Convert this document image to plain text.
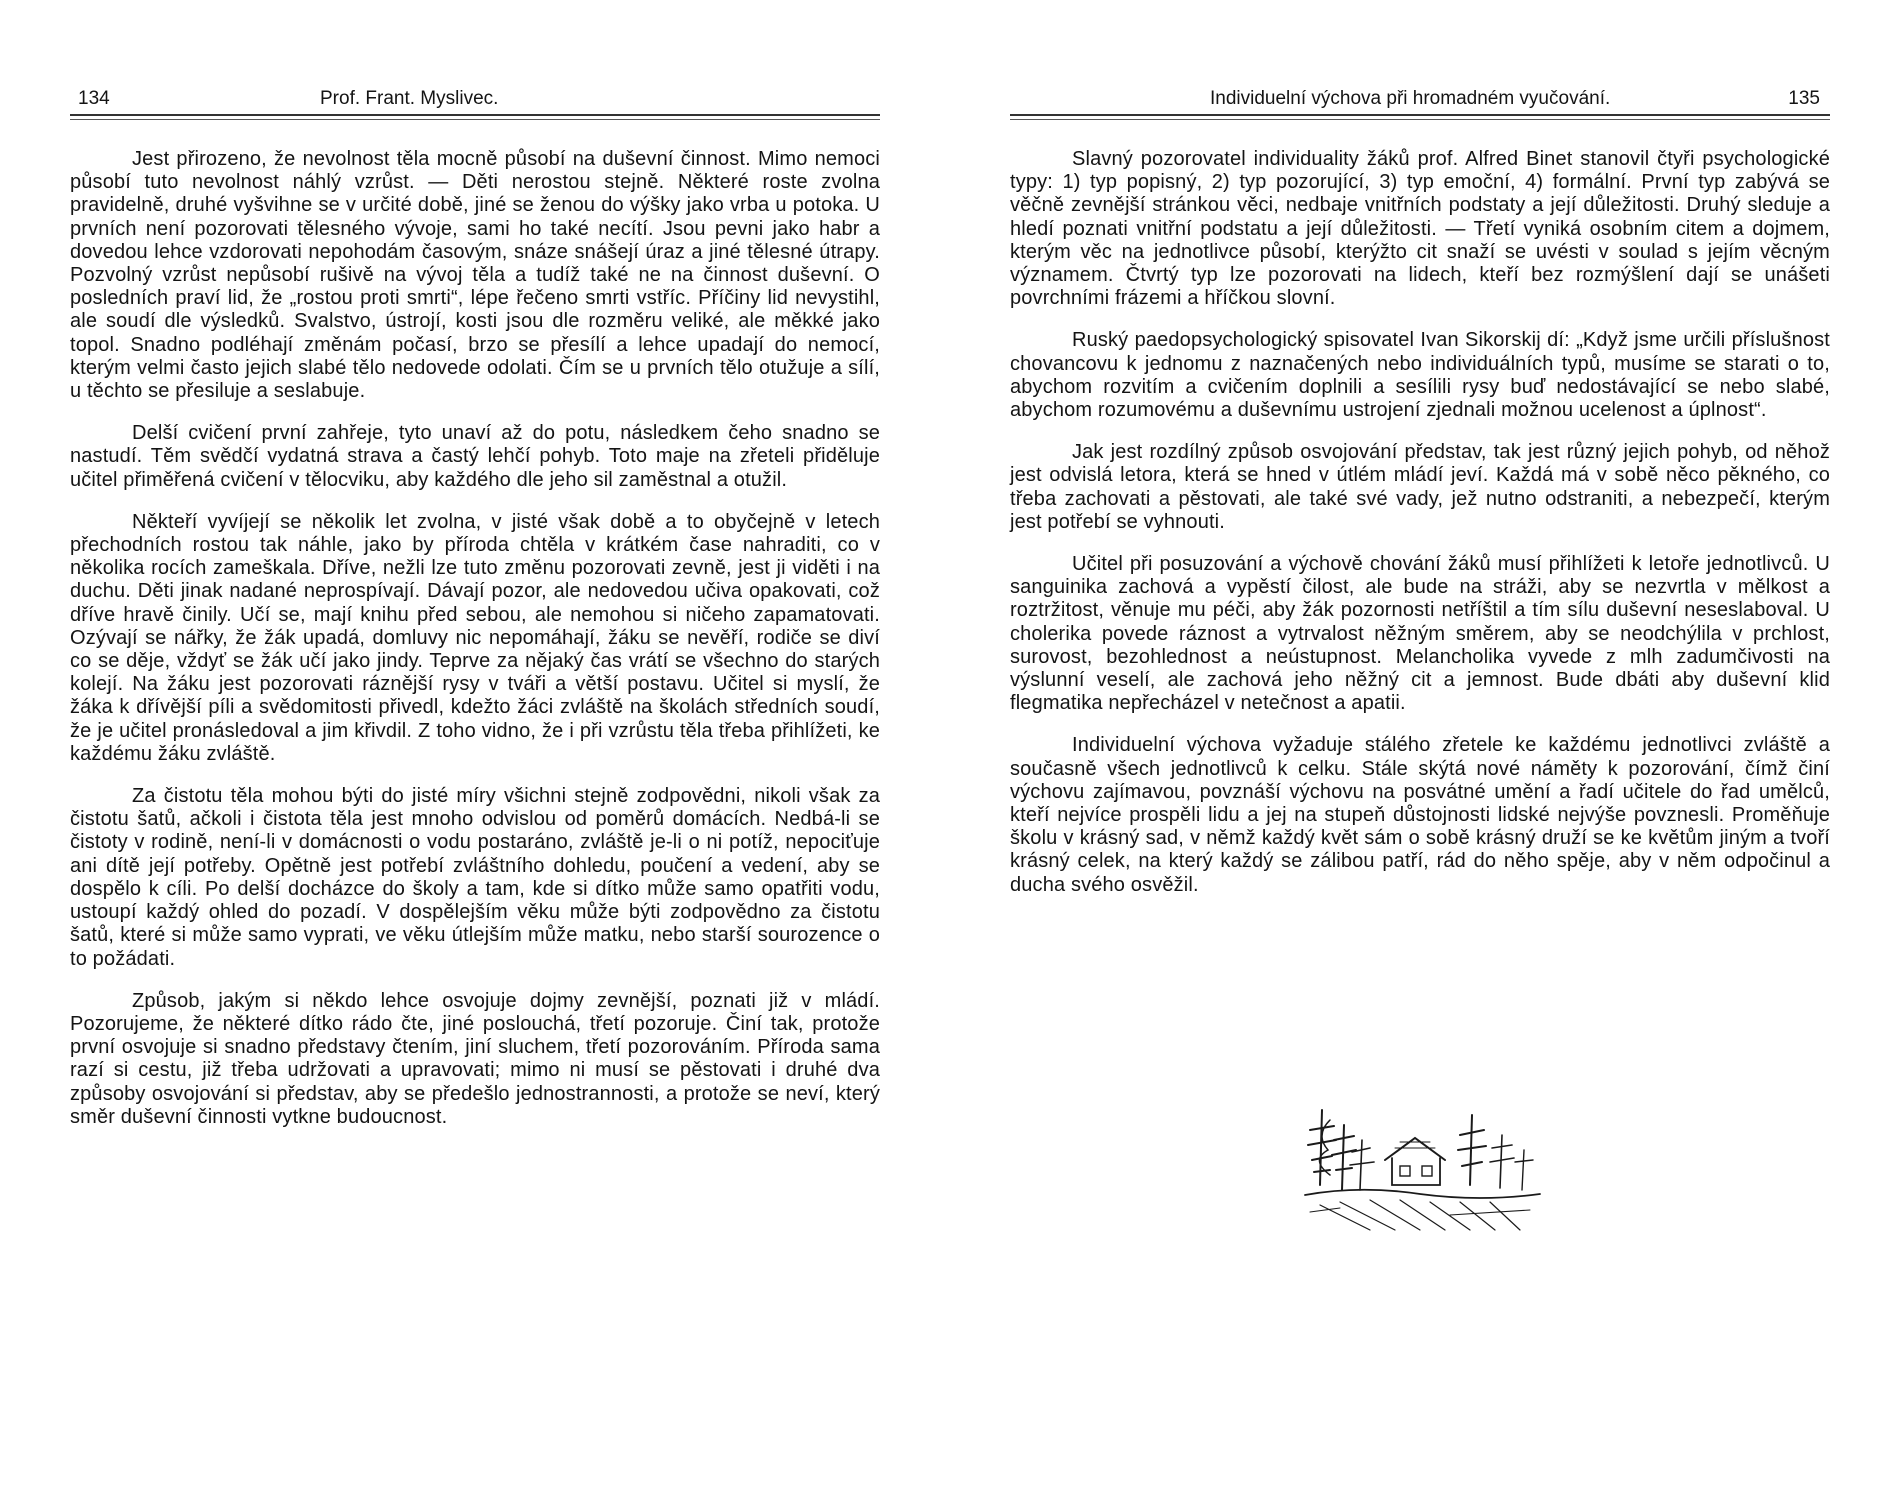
134	Prof. Frant. Myslivec.

Jest přirozeno, že nevolnost těla mocně působí na duševní činnost. Mimo nemoci působí tuto nevolnost náhlý vzrůst. — Děti nerostou stejně. Některé roste zvolna pravidelně, druhé vyšvihne se v určité době, jiné se ženou do výšky jako vrba u potoka. U prvních není pozorovati tělesného vývoje, sami ho také necítí. Jsou pevni jako habr a dovedou lehce vzdorovati nepohodám časovým, snáze snášejí úraz a jiné tělesné útrapy. Pozvolný vzrůst nepůsobí rušivě na vývoj těla a tudíž také ne na činnost duševní. O posledních praví lid, že „rostou proti smrti“, lépe řečeno smrti vstříc. Příčiny lid nevystihl, ale soudí dle výsledků. Svalstvo, ústrojí, kosti jsou dle rozměru veliké, ale měkké jako topol. Snadno podléhají změnám počasí, brzo se přesílí a lehce upadají do nemocí, kterým velmi často jejich slabé tělo nedovede odolati. Čím se u prvních tělo otužuje a sílí, u těchto se přesiluje a seslabuje.

Delší cvičení první zahřeje, tyto unaví až do potu, následkem čeho snadno se nastudí. Těm svědčí vydatná strava a častý lehčí pohyb. Toto maje na zřeteli přiděluje učitel přiměřená cvičení v tělocviku, aby každého dle jeho sil zaměstnal a otužil.

Někteří vyvíjejí se několik let zvolna, v jisté však době a to obyčejně v letech přechodních rostou tak náhle, jako by příroda chtěla v krátkém čase nahraditi, co v několika rocích zameškala. Dříve, nežli lze tuto změnu pozorovati zevně, jest ji viděti i na duchu. Děti jinak nadané neprospívají. Dávají pozor, ale nedovedou učiva opakovati, což dříve hravě činily. Učí se, mají knihu před sebou, ale nemohou si ničeho zapamatovati. Ozývají se nářky, že žák upadá, domluvy nic nepomáhají, žáku se nevěří, rodiče se diví co se děje, vždyť se žák učí jako jindy. Teprve za nějaký čas vrátí se všechno do starých kolejí. Na žáku jest pozorovati ráznější rysy v tváři a větší postavu. Učitel si myslí, že žáka k dřívější píli a svědomitosti přivedl, kdežto žáci zvláště na školách středních soudí, že je učitel pronásledoval a jim křivdil. Z toho vidno, že i při vzrůstu těla třeba přihlížeti, ke každému žáku zvláště.

Za čistotu těla mohou býti do jisté míry všichni stejně zodpovědni, nikoli však za čistotu šatů, ačkoli i čistota těla jest mnoho odvislou od poměrů domácích. Nedbá-li se čistoty v rodině, není-li v domácnosti o vodu postaráno, zvláště je-li o ni potíž, nepociťuje ani dítě její potřeby. Opětně jest potřebí zvláštního dohledu, poučení a vedení, aby se dospělo k cíli. Po delší docházce do školy a tam, kde si dítko může samo opatřiti vodu, ustoupí každý ohled do pozadí. V dospělejším věku může býti zodpovědno za čistotu šatů, které si může samo vyprati, ve věku útlejším může matku, nebo starší sourozence o to požádati.

Způsob, jakým si někdo lehce osvojuje dojmy zevnější, poznati již v mládí. Pozorujeme, že některé dítko rádo čte, jiné poslouchá, třetí pozoruje. Činí tak, protože první osvojuje si snadno představy čtením, jiní sluchem, třetí pozorováním. Příroda sama razí si cestu, již třeba udržovati a upravovati; mimo ni musí se pěstovati i druhé dva způsoby osvojování si představ, aby se předešlo jednostrannosti, a protože se neví, který směr duševní činnosti vytkne budoucnost.

Individuelní výchova při hromadném vyučování.	135

Slavný pozorovatel individuality žáků prof. Alfred Binet stanovil čtyři psychologické typy: 1) typ popisný, 2) typ pozorující, 3) typ emoční, 4) formální. První typ zabývá se věčně zevnější stránkou věci, nedbaje vnitřních podstaty a její důležitosti. Druhý sleduje a hledí poznati vnitřní podstatu a její důležitosti. — Třetí vyniká osobním citem a dojmem, kterým věc na jednotlivce působí, kterýžto cit snaží se uvésti v soulad s jejím věcným významem. Čtvrtý typ lze pozorovati na lidech, kteří bez rozmýšlení dají se unášeti povrchními frázemi a hříčkou slovní.

Ruský paedopsychologický spisovatel Ivan Sikorskij dí: „Když jsme určili příslušnost chovancovu k jednomu z naznačených nebo individuálních typů, musíme se starati o to, abychom rozvitím a cvičením doplnili a sesílili rysy buď nedostávající se nebo slabé, abychom rozumovému a duševnímu ustrojení zjednali možnou ucelenost a úplnost“.

Jak jest rozdílný způsob osvojování představ, tak jest různý jejich pohyb, od něhož jest odvislá letora, která se hned v útlém mládí jeví. Každá má v sobě něco pěkného, co třeba zachovati a pěstovati, ale také své vady, jež nutno odstraniti, a nebezpečí, kterým jest potřebí se vyhnouti.

Učitel při posuzování a výchově chování žáků musí přihlížeti k letoře jednotlivců. U sanguinika zachová a vypěstí čilost, ale bude na stráži, aby se nezvrtla v mělkost a roztržitost, věnuje mu péči, aby žák pozornosti netříštil a tím sílu duševní neseslaboval. U cholerika povede ráznost a vytrvalost něžným směrem, aby se neodchýlila v prchlost, surovost, bezohlednost a neústupnost. Melancholika vyvede z mlh zadumčivosti na výslunní veselí, ale zachová jeho něžný cit a jemnost. Bude dbáti aby duševní klid flegmatika nepřecházel v netečnost a apatii.

Individuelní výchova vyžaduje stálého zřetele ke každému jednotlivci zvláště a současně všech jednotlivců k celku. Stále skýtá nové náměty k pozorování, čímž činí výchovu zajímavou, povznáší výchovu na posvátné umění a řadí učitele do řad umělců, kteří nejvíce prospěli lidu a jej na stupeň důstojnosti lidské nejvýše povznesli. Proměňuje školu v krásný sad, v němž každý květ sám o sobě krásný druží se ke květům jiným a tvoří krásný celek, na který každý se zálibou patří, rád do něho spěje, aby v něm odpočinul a ducha svého osvěžil.
